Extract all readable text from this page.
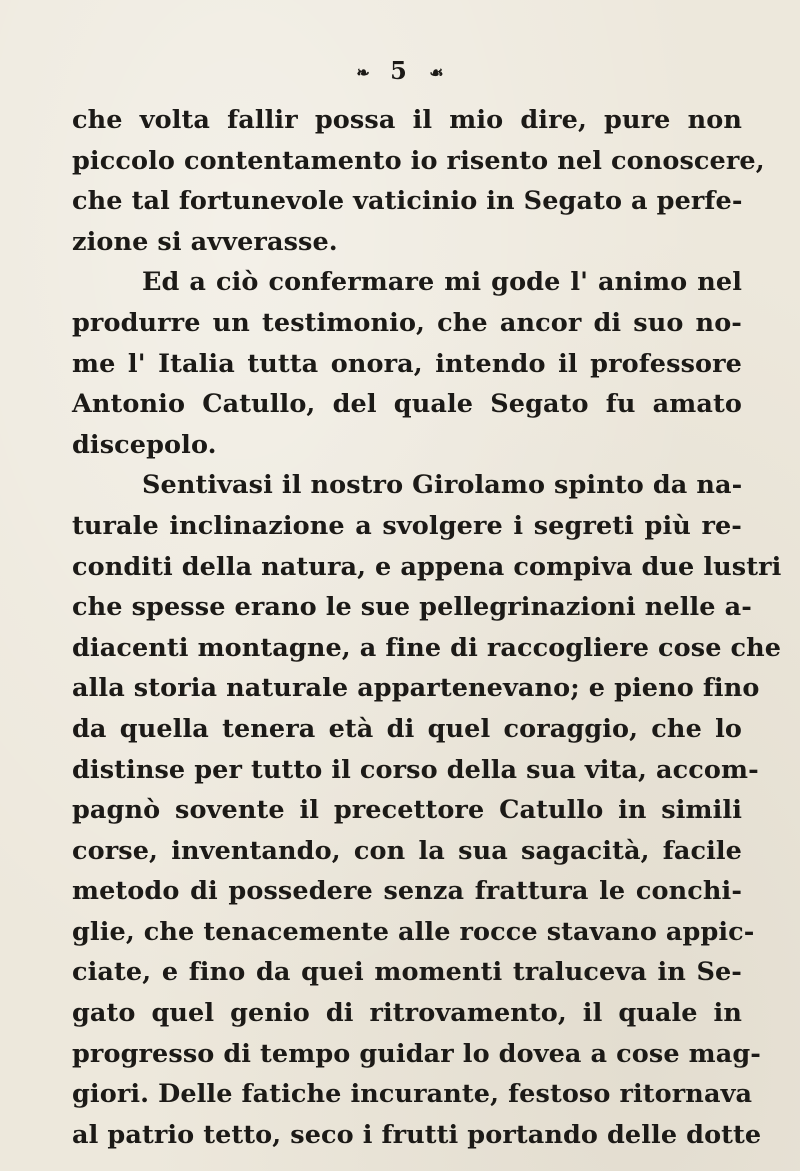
❧ 5 ☙
che volta fallir possa il mio dire, pure non
piccolo contentamento io risento nel conoscere,
che tal fortunevole vaticinio in Segato a perfe-
zione si avverasse.
Ed a ciò confermare mi gode l' animo nel
produrre un testimonio, che ancor di suo no-
me l' Italia tutta onora, intendo il professore
Antonio Catullo, del quale Segato fu amato
discepolo.
Sentivasi il nostro Girolamo spinto da na-
turale inclinazione a svolgere i segreti più re-
conditi della natura, e appena compiva due lustri
che spesse erano le sue pellegrinazioni nelle a-
diacenti montagne, a fine di raccogliere cose che
alla storia naturale appartenevano; e pieno fino
da quella tenera età di quel coraggio, che lo
distinse per tutto il corso della sua vita, accom-
pagnò sovente il precettore Catullo in simili
corse, inventando, con la sua sagacità, facile
metodo di possedere senza frattura le conchi-
glie, che tenacemente alle rocce stavano appic-
ciate, e fino da quei momenti traluceva in Se-
gato quel genio di ritrovamento, il quale in
progresso di tempo guidar lo dovea a cose mag-
giori. Delle fatiche incurante, festoso ritornava
al patrio tetto, seco i frutti portando delle dotte
